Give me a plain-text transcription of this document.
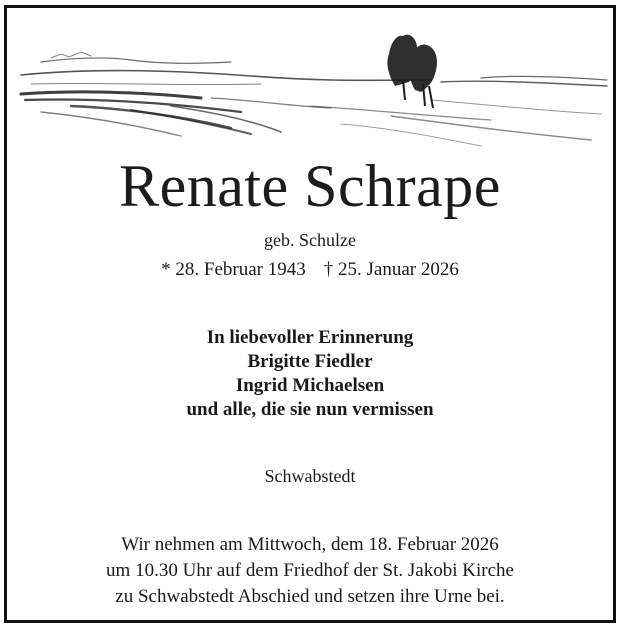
Renate Schrape
geb. Schulze
* 28. Februar 1943 † 25. Januar 2026
In liebevoller Erinnerung
Brigitte Fiedler
Ingrid Michaelsen
und alle, die sie nun vermissen
Schwabstedt
Wir nehmen am Mittwoch, dem 18. Februar 2026
um 10.30 Uhr auf dem Friedhof der St. Jakobi Kirche
zu Schwabstedt Abschied und setzen ihre Urne bei.
